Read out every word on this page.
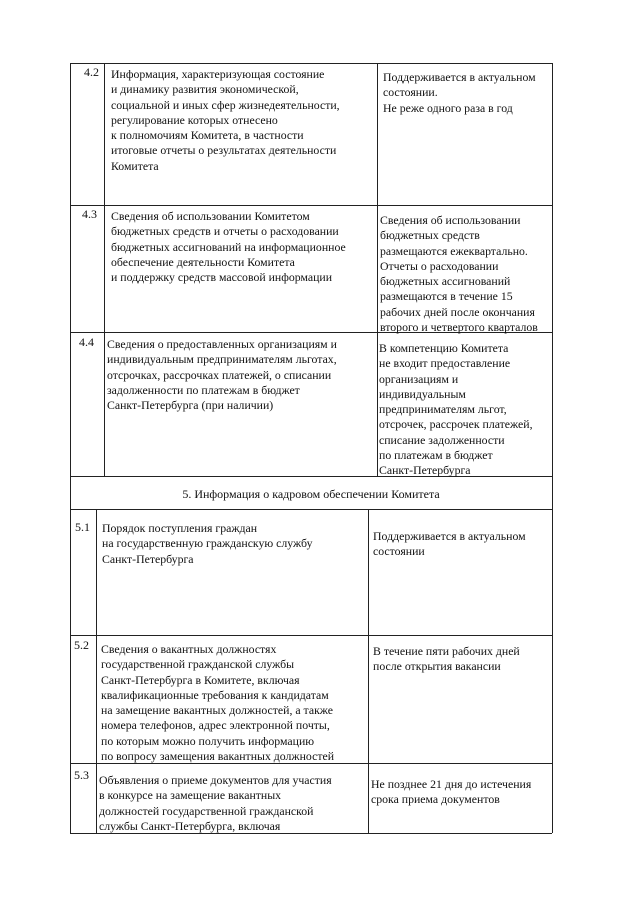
4.2 Информация, характеризующая состояние
и динамику развития экономической,
социальной и иных сфер жизнедеятельности,
регулирование которых отнесено
к полномочиям Комитета, в частности
итоговые отчеты о результатах деятельности
Комитета
Поддерживается в актуальном
состоянии.
Не реже одного раза в год
4.3 Сведения об использовании Комитетом
бюджетных средств и отчеты о расходовании
бюджетных ассигнований на информационное
обеспечение деятельности Комитета
и поддержку средств массовой информации
Сведения об использовании
бюджетных средств
размещаются ежеквартально.
Отчеты о расходовании
бюджетных ассигнований
размещаются в течение 15
рабочих дней после окончания
второго и четвертого кварталов
4.4 Сведения о предоставленных организациям и
индивидуальным предпринимателям льготах,
отсрочках, рассрочках платежей, о списании
задолженности по платежам в бюджет
Санкт-Петербурга (при наличии)
В компетенцию Комитета
не входит предоставление
организациям и
индивидуальным
предпринимателям льгот,
отсрочек, рассрочек платежей,
списание задолженности
по платежам в бюджет
Санкт-Петербурга
5. Информация о кадровом обеспечении Комитета
5.1 Порядок поступления граждан
на государственную гражданскую службу
Санкт-Петербурга
Поддерживается в актуальном
состоянии
5.2 Сведения о вакантных должностях
государственной гражданской службы
Санкт-Петербурга в Комитете, включая
квалификационные требования к кандидатам
на замещение вакантных должностей, а также
номера телефонов, адрес электронной почты,
по которым можно получить информацию
по вопросу замещения вакантных должностей
В течение пяти рабочих дней
после открытия вакансии
5.3 Объявления о приеме документов для участия
в конкурсе на замещение вакантных
должностей государственной гражданской
службы Санкт-Петербурга, включая
Не позднее 21 дня до истечения
срока приема документов
